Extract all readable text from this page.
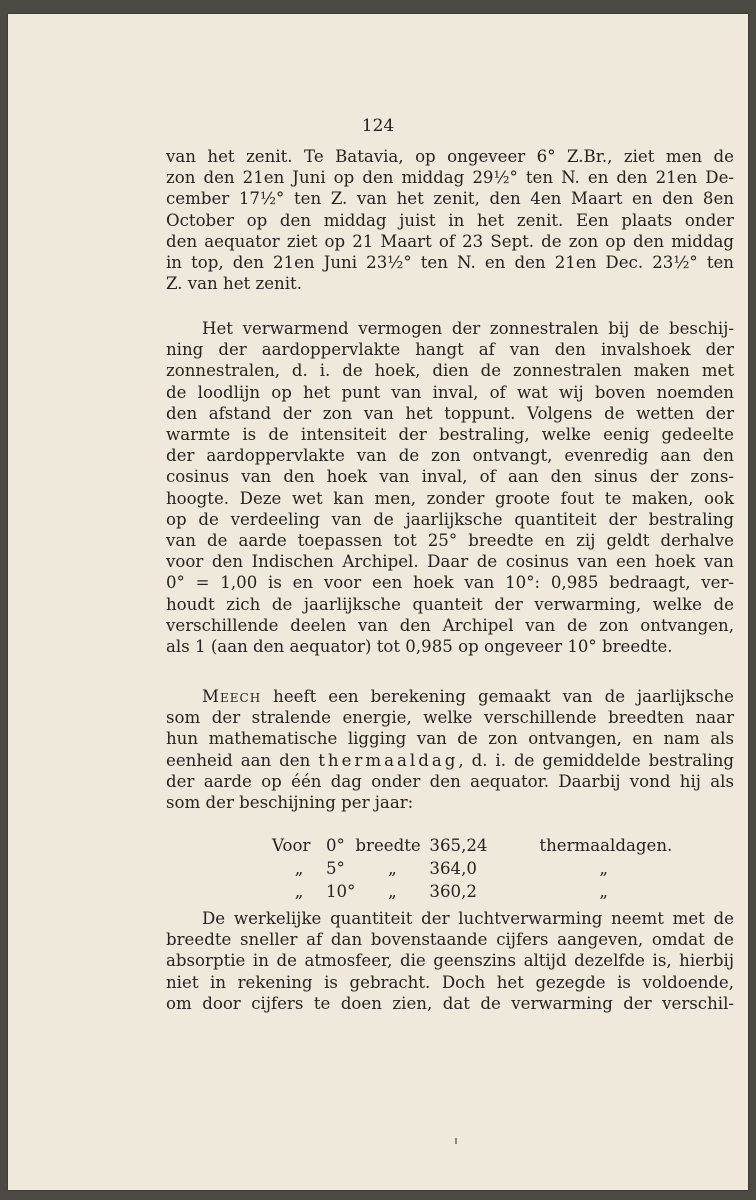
124
van het zenit. Te Batavia, op ongeveer 6° Z.Br., ziet men de
zon den 21en Juni op den middag 29½° ten N. en den 21en De-
cember 17½° ten Z. van het zenit, den 4en Maart en den 8en
October op den middag juist in het zenit. Een plaats onder
den aequator ziet op 21 Maart of 23 Sept. de zon op den middag
in top, den 21en Juni 23½° ten N. en den 21en Dec. 23½° ten
Z. van het zenit.
Het verwarmend vermogen der zonnestralen bij de beschij-
ning der aardoppervlakte hangt af van den invalshoek der
zonnestralen, d. i. de hoek, dien de zonnestralen maken met
de loodlijn op het punt van inval, of wat wij boven noemden
den afstand der zon van het toppunt. Volgens de wetten der
warmte is de intensiteit der bestraling, welke eenig gedeelte
der aardoppervlakte van de zon ontvangt, evenredig aan den
cosinus van den hoek van inval, of aan den sinus der zons-
hoogte. Deze wet kan men, zonder groote fout te maken, ook
op de verdeeling van de jaarlijksche quantiteit der bestraling
van de aarde toepassen tot 25° breedte en zij geldt derhalve
voor den Indischen Archipel. Daar de cosinus van een hoek van
0° = 1,00 is en voor een hoek van 10°: 0,985 bedraagt, ver-
houdt zich de jaarlijksche quanteit der verwarming, welke de
verschillende deelen van den Archipel van de zon ontvangen,
als 1 (aan den aequator) tot 0,985 op ongeveer 10° breedte.
Meech heeft een berekening gemaakt van de jaarlijksche
som der stralende energie, welke verschillende breedten naar
hun mathematische ligging van de zon ontvangen, en nam als
eenheid aan den thermaaldag, d. i. de gemiddelde bestraling
der aarde op één dag onder den aequator. Daarbij vond hij als
som der beschijning per jaar:
De werkelijke quantiteit der luchtverwarming neemt met de
breedte sneller af dan bovenstaande cijfers aangeven, omdat de
absorptie in de atmosfeer, die geenszins altijd dezelfde is, hierbij
niet in rekening is gebracht. Doch het gezegde is voldoende,
om door cijfers te doen zien, dat de verwarming der verschil-
Voor	0°	breedte	365,24	thermaaldagen.
„	5°	„	364,0	„
„	10°	„	360,2	„
